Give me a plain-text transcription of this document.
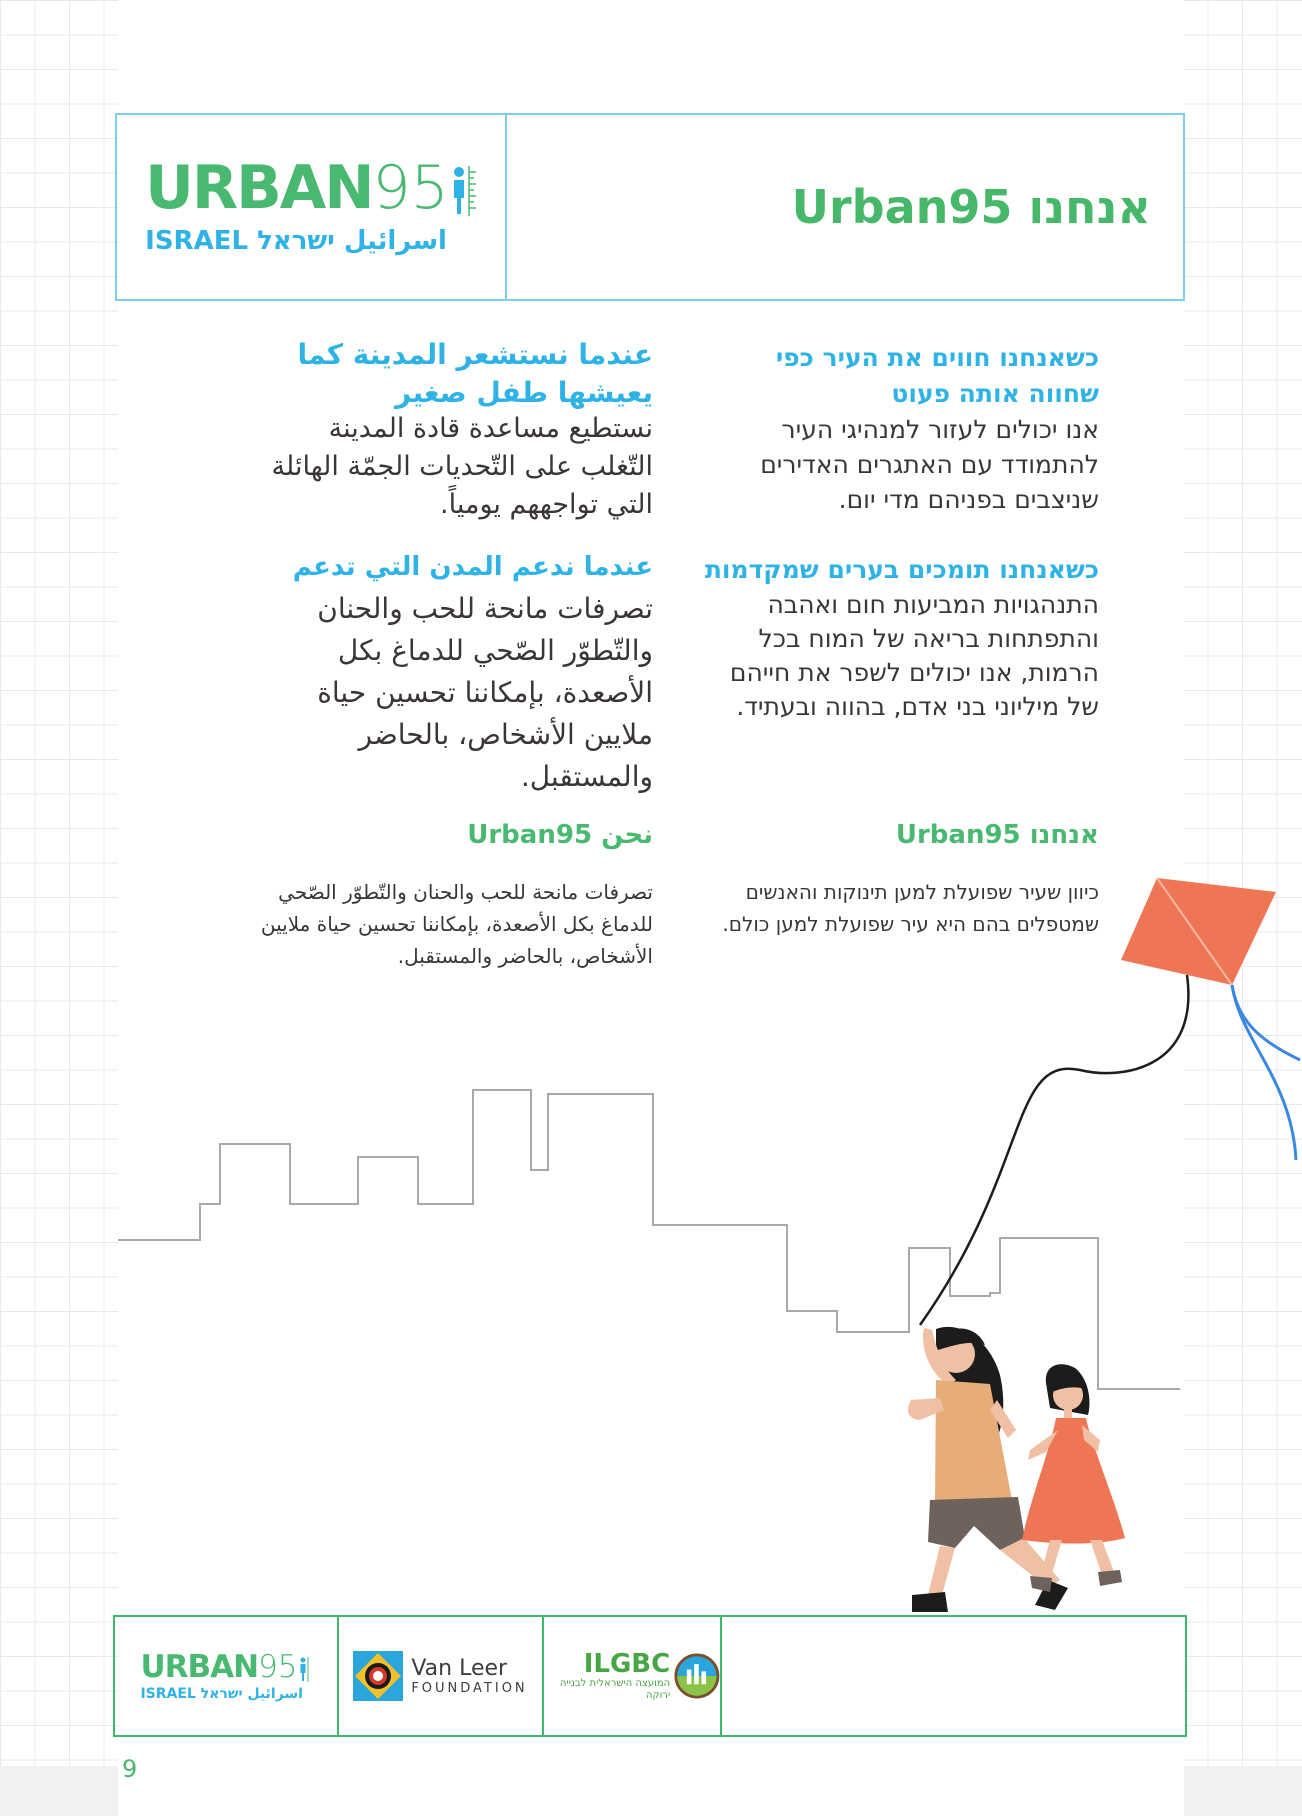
URBAN 95
ISRAEL اسرائيل ישראל
אנחנו Urban95
כשאנחנו חווים את העיר כפי שחווה אותה פעוט
אנו יכולים לעזור למנהיגי העיר להתמודד עם האתגרים האדירים שניצבים בפניהם מדי יום.
כשאנחנו תומכים בערים שמקדמות
התנהגויות המביעות חום ואהבה והתפתחות בריאה של המוח בכל הרמות, אנו יכולים לשפר את חייהם של מיליוני בני אדם, בהווה ובעתיד.
אנחנו Urban95
כיוון שעיר שפועלת למען תינוקות והאנשים שמטפלים בהם היא עיר שפועלת למען כולם.
عندما نستشعر المدينة كما يعيشها طفل صغير
نستطيع مساعدة قادة المدينة التّغلب على التّحديات الجمّة الهائلة التي تواجههم يومياً.
عندما ندعم المدن التي تدعم
تصرفات مانحة للحب والحنان والتّطوّر الصّحي للدماغ بكل الأصعدة، بإمكاننا تحسين حياة ملايين الأشخاص، بالحاضر والمستقبل.
نحن Urban95
تصرفات مانحة للحب والحنان والتّطوّر الصّحي للدماغ بكل الأصعدة، بإمكاننا تحسين حياة ملايين الأشخاص، بالحاضر والمستقبل.
URBAN 95
ISRAEL اسرائيل ישראל
Van Leer
FOUNDATION
ILGBC
המועצה הישראלית לבנייה ירוקה
9
